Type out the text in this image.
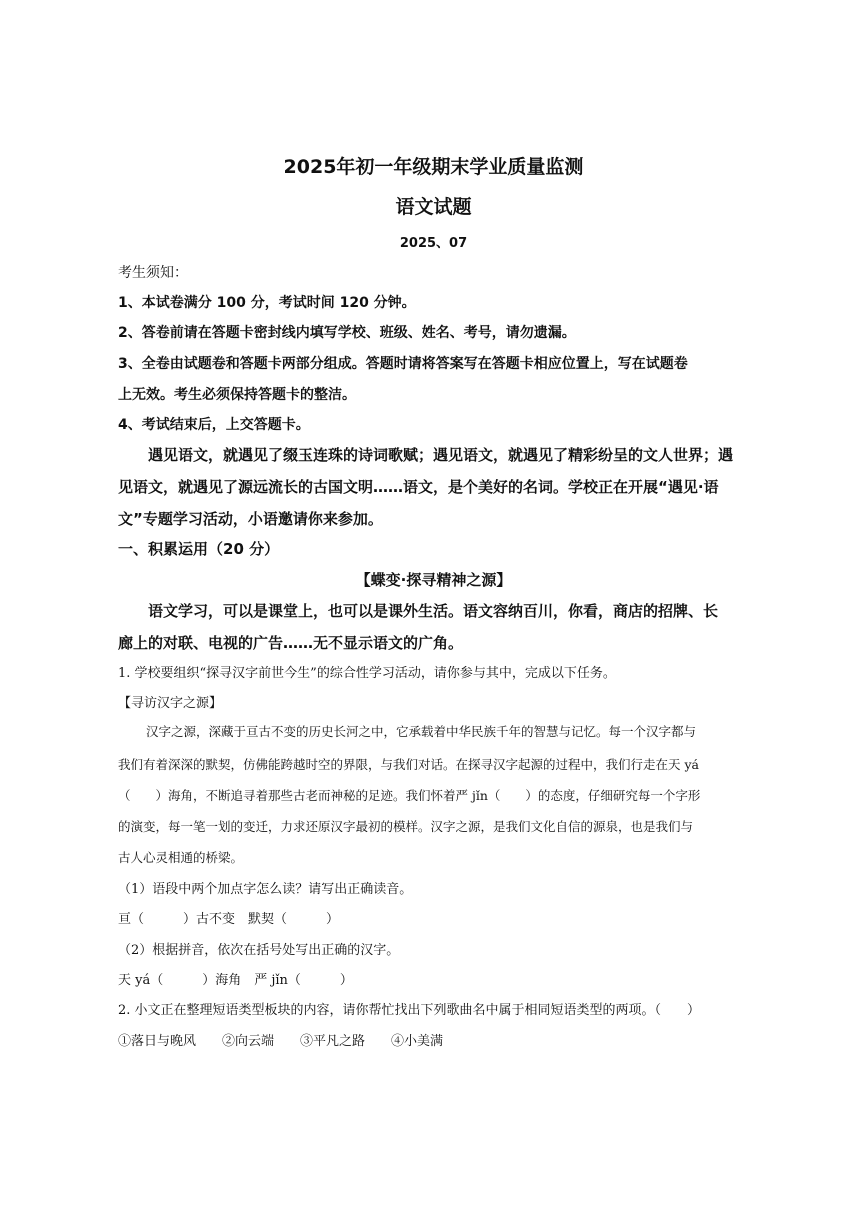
2025年初一年级期末学业质量监测
语文试题
2025、07
考生须知：
1、本试卷满分 100 分，考试时间 120 分钟。
2、答卷前请在答题卡密封线内填写学校、班级、姓名、考号，请勿遗漏。
3、全卷由试题卷和答题卡两部分组成。答题时请将答案写在答题卡相应位置上，写在试题卷
上无效。考生必须保持答题卡的整洁。
4、考试结束后，上交答题卡。
遇见语文，就遇见了缀玉连珠的诗词歌赋；遇见语文，就遇见了精彩纷呈的文人世界；遇
见语文，就遇见了源远流长的古国文明……语文，是个美好的名词。学校正在开展“遇见·语
文”专题学习活动，小语邀请你来参加。
一、积累运用（20 分）
【蝶变·探寻精神之源】
语文学习，可以是课堂上，也可以是课外生活。语文容纳百川，你看，商店的招牌、长
廊上的对联、电视的广告……无不显示语文的广角。
1. 学校要组织“探寻汉字前世今生”的综合性学习活动，请你参与其中，完成以下任务。
【寻访汉字之源】
汉字之源，深藏于亘古不变的历史长河之中，它承载着中华民族千年的智慧与记忆。每一个汉字都与
我们有着深深的默契，仿佛能跨越时空的界限，与我们对话。在探寻汉字起源的过程中，我们行走在天 yá
（　　）海角，不断追寻着那些古老而神秘的足迹。我们怀着严 jǐn（　　）的态度，仔细研究每一个字形
的演变，每一笔一划的变迁，力求还原汉字最初的模样。汉字之源，是我们文化自信的源泉，也是我们与
古人心灵相通的桥梁。
（1）语段中两个加点字怎么读？请写出正确读音。
亘（　　　）古不变　默契（　　　）
（2）根据拼音，依次在括号处写出正确的汉字。
天 yá（　　　）海角　严 jǐn（　　　）
2. 小文正在整理短语类型板块的内容，请你帮忙找出下列歌曲名中属于相同短语类型的两项。（　　）
①落日与晚风　　②向云端　　③平凡之路　　④小美满
